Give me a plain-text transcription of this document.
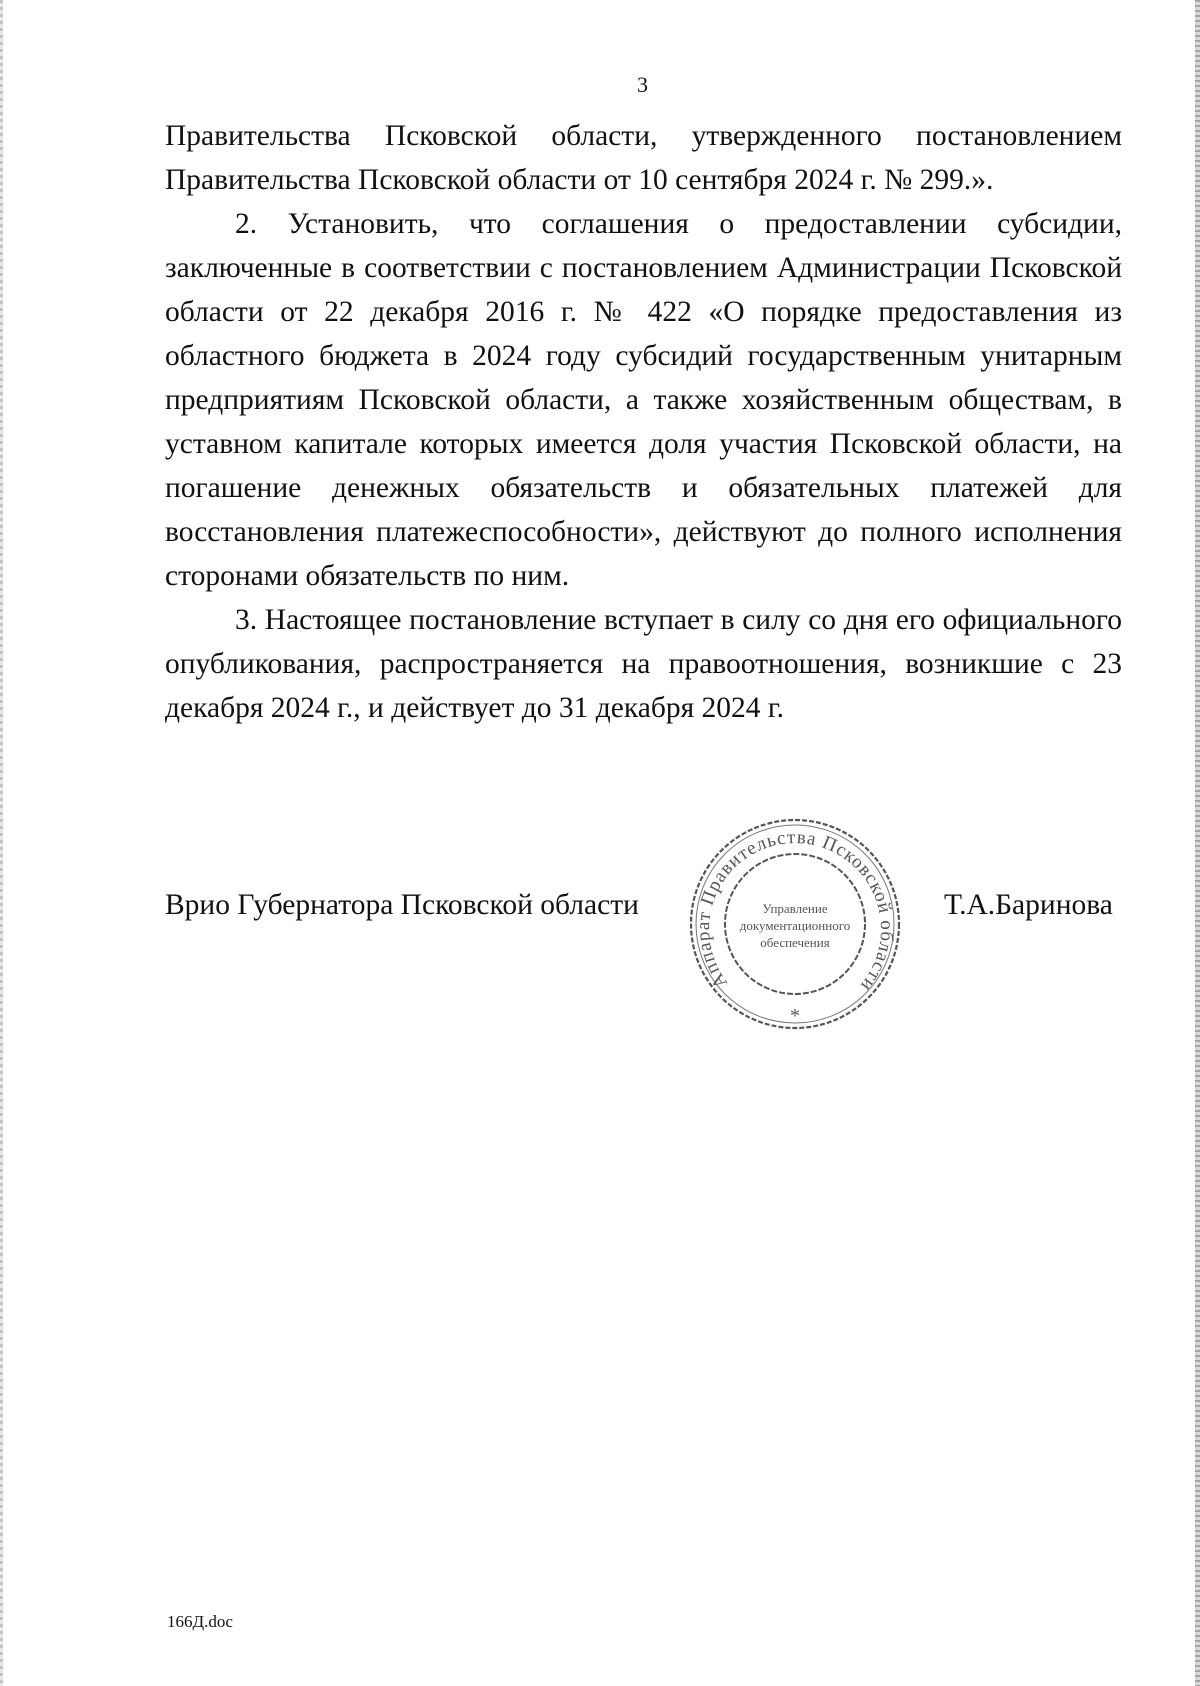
3

Правительства Псковской области, утвержденного постановлением Правительства Псковской области от 10 сентября 2024 г. № 299.».

2. Установить, что соглашения о предоставлении субсидии, заключенные в соответствии с постановлением Администрации Псковской области от 22 декабря 2016 г. № 422 «О порядке предоставления из областного бюджета в 2024 году субсидий государственным унитарным предприятиям Псковской области, а также хозяйственным обществам, в уставном капитале которых имеется доля участия Псковской области, на погашение денежных обязательств и обязательных платежей для восстановления платежеспособности», действуют до полного исполнения сторонами обязательств по ним.

3. Настоящее постановление вступает в силу со дня его официального опубликования, распространяется на правоотношения, возникшие с 23 декабря 2024 г., и действует до 31 декабря 2024 г.

Врио Губернатора Псковской области
Аппарат Правительства Псковской области
Управление
документационного
обеспечения
*
Т.А.Баринова
166Д.doc
